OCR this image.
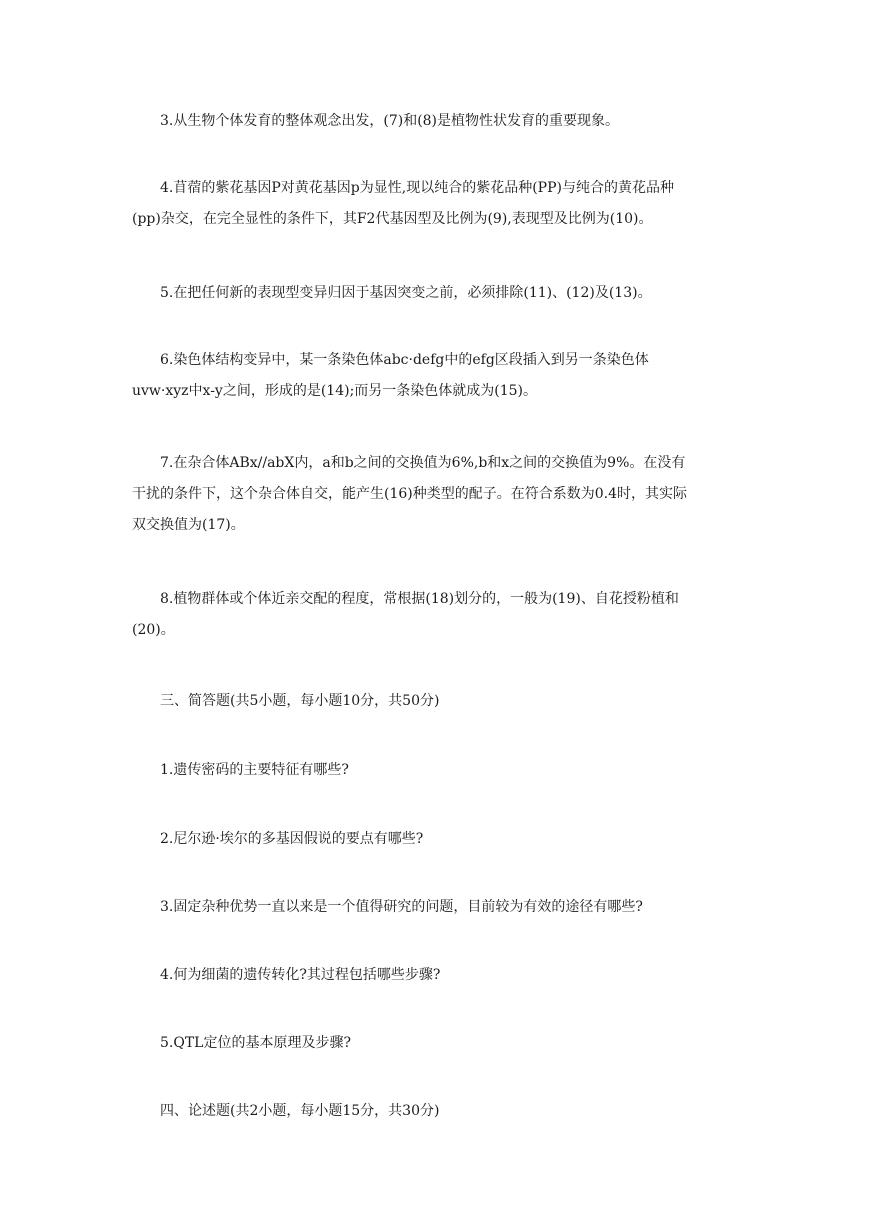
3.从生物个体发育的整体观念出发，(7)和(8)是植物性状发育的重要现象。
4.苜蓿的紫花基因P对黄花基因p为显性,现以纯合的紫花品种(PP)与纯合的黄花品种
(pp)杂交，在完全显性的条件下，其F2代基因型及比例为(9),表现型及比例为(10)。
5.在把任何新的表现型变异归因于基因突变之前，必须排除(11)、(12)及(13)。
6.染色体结构变异中，某一条染色体abc·defg中的efg区段插入到另一条染色体
uvw·xyz中x-y之间，形成的是(14);而另一条染色体就成为(15)。
7.在杂合体ABx//abX内，a和b之间的交换值为6%,b和x之间的交换值为9%。在没有
干扰的条件下，这个杂合体自交，能产生(16)种类型的配子。在符合系数为0.4时，其实际
双交换值为(17)。
8.植物群体或个体近亲交配的程度，常根据(18)划分的，一般为(19)、自花授粉植和
(20)。

三、简答题(共5小题，每小题10分，共50分)

1.遗传密码的主要特征有哪些?

2.尼尔逊·埃尔的多基因假说的要点有哪些?

3.固定杂种优势一直以来是一个值得研究的问题，目前较为有效的途径有哪些?

4.何为细菌的遗传转化?其过程包括哪些步骤?

5.QTL定位的基本原理及步骤?

四、论述题(共2小题，每小题15分，共30分)
